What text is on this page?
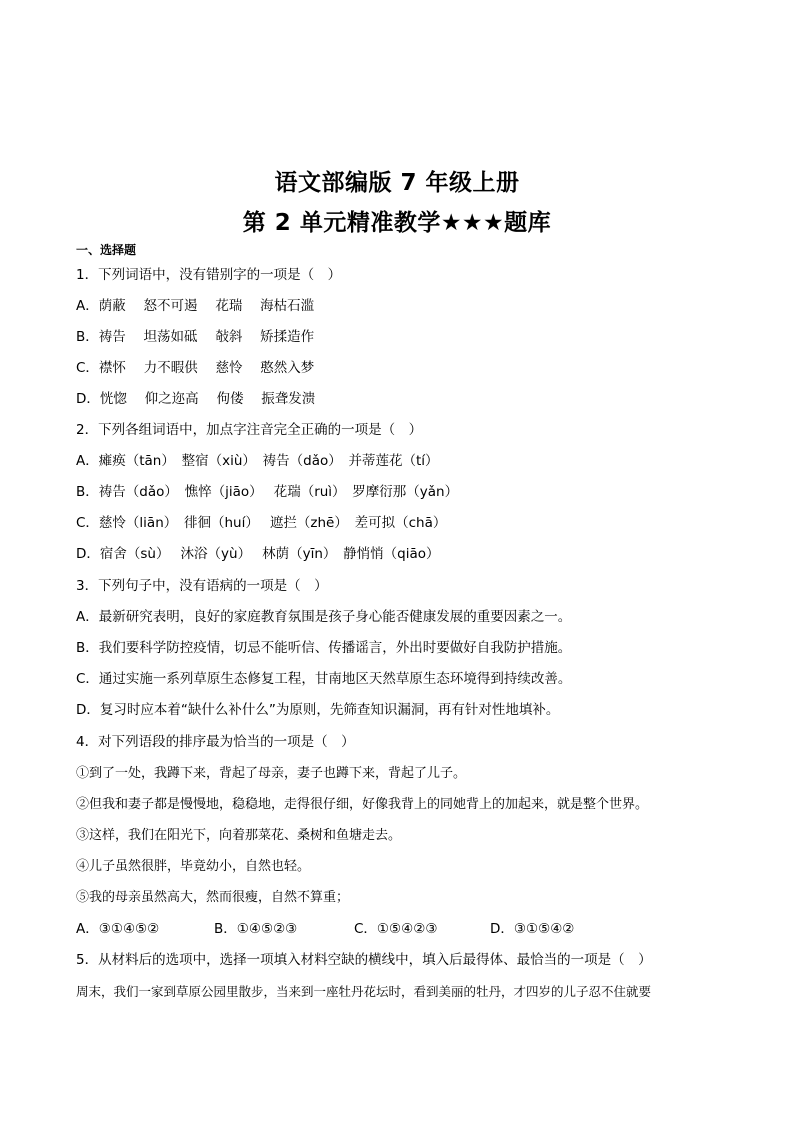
语文部编版 7 年级上册
第 2 单元精准教学★★★题库
一、选择题
1．下列词语中，没有错别字的一项是（　）
A．荫蔽　 怒不可遏　 花瑞　 海枯石滥
B．祷告　 坦荡如砥　 敧斜　 矫揉造作
C．襟怀　 力不暇供　 慈怜　 憨然入梦
D．恍惚　 仰之迩高　 佝偻　 振聋发溃
2．下列各组词语中，加点字注音完全正确的一项是（　）
A．瘫痪（tān）　整宿（xiù）　祷告（dǎo）　并蒂莲花（tí）
B．祷告（dǎo）　憔悴（jiāo）　 花瑞（ruì）　罗摩衍那（yǎn）
C．慈怜（liān）　徘徊（huí）　 遮拦（zhē）　差可拟（chā）
D．宿舍（sù）　 沐浴（yù）　 林荫（yīn）　静悄悄（qiāo）
3．下列句子中，没有语病的一项是（　）
A．最新研究表明，良好的家庭教育氛围是孩子身心能否健康发展的重要因素之一。
B．我们要科学防控疫情，切忌不能听信、传播谣言，外出时要做好自我防护措施。
C．通过实施一系列草原生态修复工程，甘南地区天然草原生态环境得到持续改善。
D．复习时应本着“缺什么补什么”为原则，先筛查知识漏洞，再有针对性地填补。
4．对下列语段的排序最为恰当的一项是（　）
①到了一处，我蹲下来，背起了母亲，妻子也蹲下来，背起了儿子。
②但我和妻子都是慢慢地，稳稳地，走得很仔细，好像我背上的同她背上的加起来，就是整个世界。
③这样，我们在阳光下，向着那菜花、桑树和鱼塘走去。
④儿子虽然很胖，毕竟幼小，自然也轻。
⑤我的母亲虽然高大，然而很瘦，自然不算重；
A．③①④⑤②	B．①④⑤②③	C．①⑤④②③	D．③①⑤④②
5．从材料后的选项中，选择一项填入材料空缺的横线中，填入后最得体、最恰当的一项是（　）
周末，我们一家到草原公园里散步，当来到一座牡丹花坛时，看到美丽的牡丹，才四岁的儿子忍不住就要
